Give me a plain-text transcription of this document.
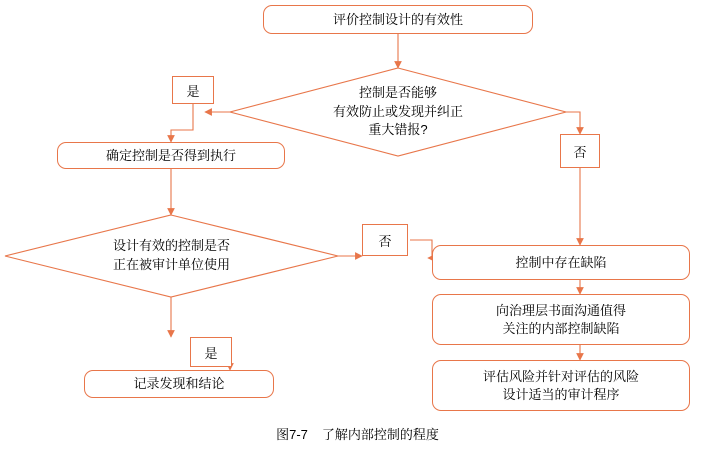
评价控制设计的有效性
控制是否能够
有效防止或发现并纠正
重大错报?
是
否
确定控制是否得到执行
设计有效的控制是否
正在被审计单位使用
否
是
记录发现和结论
控制中存在缺陷
向治理层书面沟通值得
关注的内部控制缺陷
评估风险并针对评估的风险
设计适当的审计程序
图7-7 了解内部控制的程度
